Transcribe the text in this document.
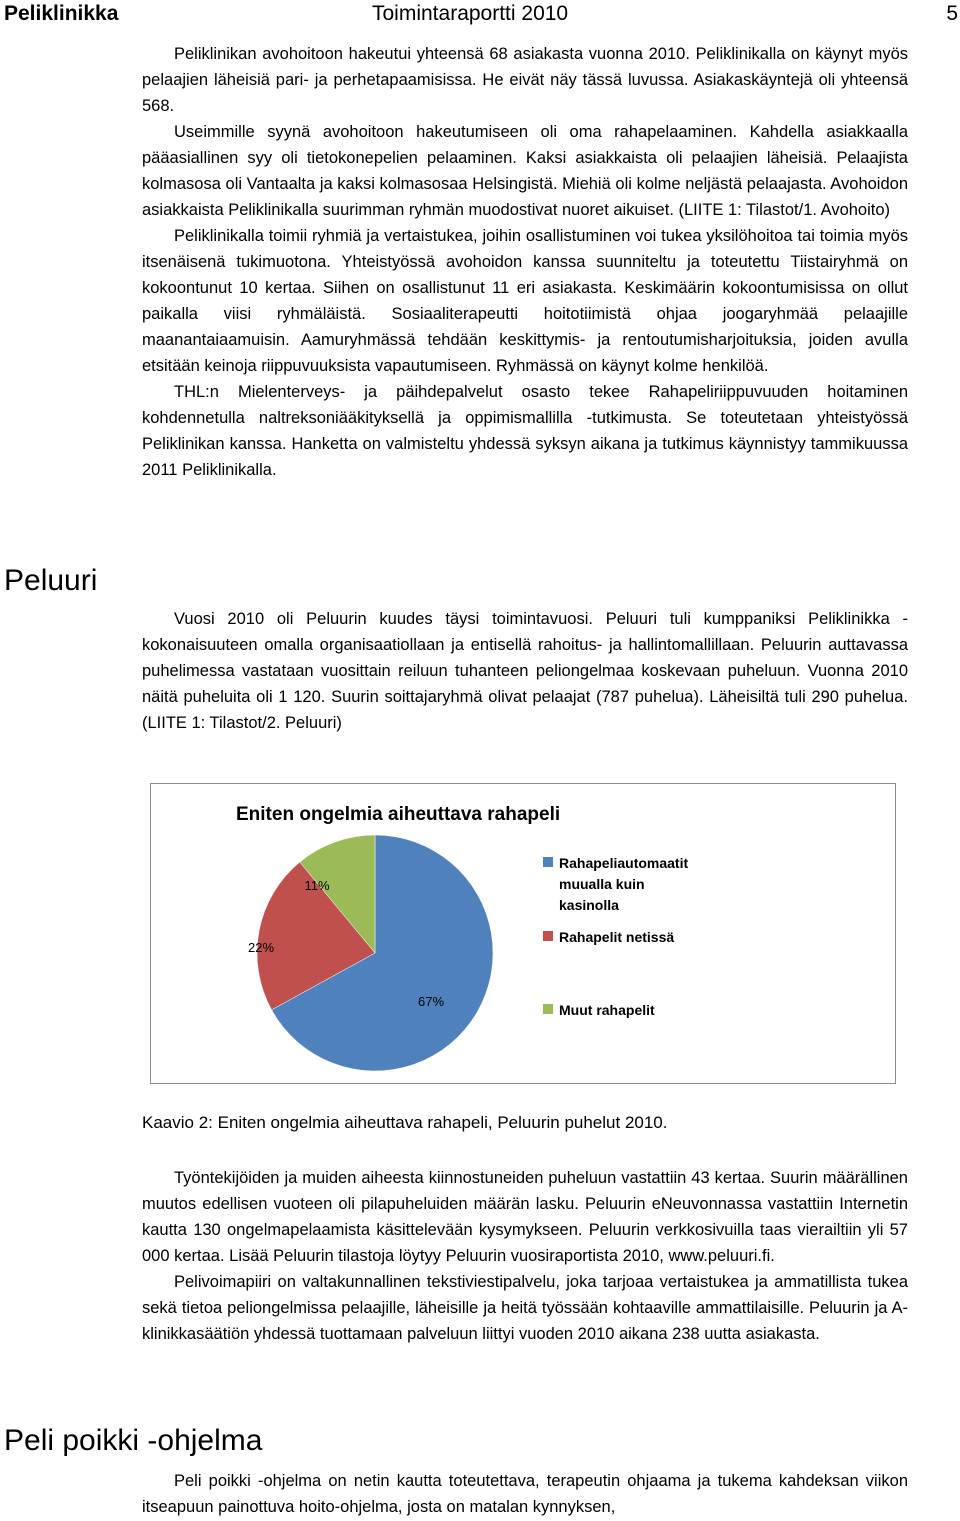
Peliklinikka	Toimintaraportti 2010	5

Peliklinikan avohoitoon hakeutui yhteensä 68 asiakasta vuonna 2010. Peliklinikalla on käynyt myös pelaajien läheisiä pari- ja perhetapaamisissa. He eivät näy tässä luvussa. Asiakaskäyntejä oli yhteensä 568.

Useimmille syynä avohoitoon hakeutumiseen oli oma rahapelaaminen. Kahdella asiakkaalla pääasiallinen syy oli tietokonepelien pelaaminen. Kaksi asiakkaista oli pelaajien läheisiä. Pelaajista kolmasosa oli Vantaalta ja kaksi kolmasosaa Helsingistä. Miehiä oli kolme neljästä pelaajasta. Avohoidon asiakkaista Peliklinikalla suurimman ryhmän muodostivat nuoret aikuiset. (LIITE 1: Tilastot/1. Avohoito)

Peliklinikalla toimii ryhmiä ja vertaistukea, joihin osallistuminen voi tukea yksilöhoitoa tai toimia myös itsenäisenä tukimuotona. Yhteistyössä avohoidon kanssa suunniteltu ja toteutettu Tiistairyhmä on kokoontunut 10 kertaa. Siihen on osallistunut 11 eri asiakasta. Keskimäärin kokoontumisissa on ollut paikalla viisi ryhmäläistä. Sosiaaliterapeutti hoitotiimistä ohjaa joogaryhmää pelaajille maanantaiaamuisin. Aamuryhmässä tehdään keskittymis- ja rentoutumisharjoituksia, joiden avulla etsitään keinoja riippuvuuksista vapautumiseen. Ryhmässä on käynyt kolme henkilöä.

THL:n Mielenterveys- ja päihdepalvelut osasto tekee Rahapeliriippuvuuden hoitaminen kohdennetulla naltreksoniääkityksellä ja oppimismallilla -tutkimusta. Se toteutetaan yhteistyössä Peliklinikan kanssa. Hanketta on valmisteltu yhdessä syksyn aikana ja tutkimus käynnistyy tammikuussa 2011 Peliklinikalla.

Peluuri

Vuosi 2010 oli Peluurin kuudes täysi toimintavuosi. Peluuri tuli kumppaniksi Peliklinikka -kokonaisuuteen omalla organisaatiollaan ja entisellä rahoitus- ja hallintomallillaan. Peluurin auttavassa puhelimessa vastataan vuosittain reiluun tuhanteen peliongelmaa koskevaan puheluun. Vuonna 2010 näitä puheluita oli 1 120. Suurin soittajaryhmä olivat pelaajat (787 puhelua). Läheisiltä tuli 290 puhelua. (LIITE 1: Tilastot/2. Peluuri)

Eniten ongelmia aiheuttava rahapeli
67%
22%
11%
Rahapeliautomaatit muualla kuin kasinolla
Rahapelit netissä
Muut rahapelit
Kaavio 2: Eniten ongelmia aiheuttava rahapeli, Peluurin puhelut 2010.

Työntekijöiden ja muiden aiheesta kiinnostuneiden puheluun vastattiin 43 kertaa. Suurin määrällinen muutos edellisen vuoteen oli pilapuheluiden määrän lasku. Peluurin eNeuvonnassa vastattiin Internetin kautta 130 ongelmapelaamista käsittelevään kysymykseen. Peluurin verkkosivuilla taas vierailtiin yli 57 000 kertaa. Lisää Peluurin tilastoja löytyy Peluurin vuosiraportista 2010, www.peluuri.fi.

Pelivoimapiiri on valtakunnallinen tekstiviestipalvelu, joka tarjoaa vertaistukea ja ammatillista tukea sekä tietoa peliongelmissa pelaajille, läheisille ja heitä työssään kohtaaville ammattilaisille. Peluurin ja A-klinikkasäätiön yhdessä tuottamaan palveluun liittyi vuoden 2010 aikana 238 uutta asiakasta.

Peli poikki -ohjelma

Peli poikki -ohjelma on netin kautta toteutettava, terapeutin ohjaama ja tukema kahdeksan viikon itseapuun painottuva hoito-ohjelma, josta on matalan kynnyksen,
